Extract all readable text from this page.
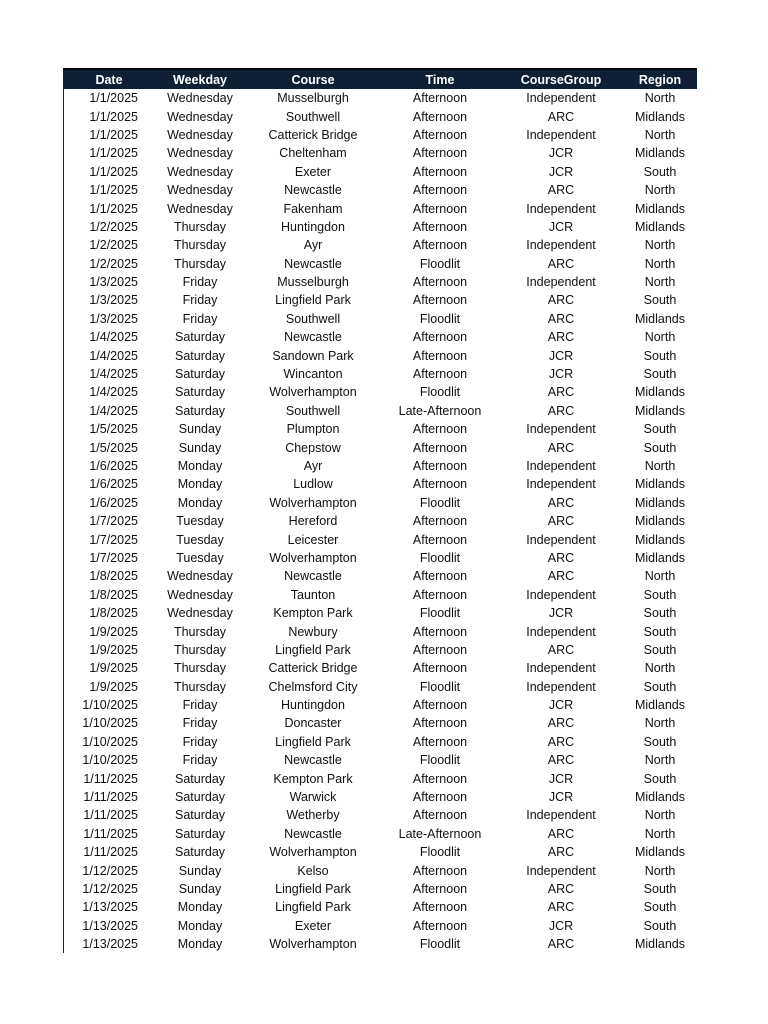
Date	Weekday	Course	Time	CourseGroup	Region
1/1/2025	Wednesday	Musselburgh	Afternoon	Independent	North
1/1/2025	Wednesday	Southwell	Afternoon	ARC	Midlands
1/1/2025	Wednesday	Catterick Bridge	Afternoon	Independent	North
1/1/2025	Wednesday	Cheltenham	Afternoon	JCR	Midlands
1/1/2025	Wednesday	Exeter	Afternoon	JCR	South
1/1/2025	Wednesday	Newcastle	Afternoon	ARC	North
1/1/2025	Wednesday	Fakenham	Afternoon	Independent	Midlands
1/2/2025	Thursday	Huntingdon	Afternoon	JCR	Midlands
1/2/2025	Thursday	Ayr	Afternoon	Independent	North
1/2/2025	Thursday	Newcastle	Floodlit	ARC	North
1/3/2025	Friday	Musselburgh	Afternoon	Independent	North
1/3/2025	Friday	Lingfield Park	Afternoon	ARC	South
1/3/2025	Friday	Southwell	Floodlit	ARC	Midlands
1/4/2025	Saturday	Newcastle	Afternoon	ARC	North
1/4/2025	Saturday	Sandown Park	Afternoon	JCR	South
1/4/2025	Saturday	Wincanton	Afternoon	JCR	South
1/4/2025	Saturday	Wolverhampton	Floodlit	ARC	Midlands
1/4/2025	Saturday	Southwell	Late-Afternoon	ARC	Midlands
1/5/2025	Sunday	Plumpton	Afternoon	Independent	South
1/5/2025	Sunday	Chepstow	Afternoon	ARC	South
1/6/2025	Monday	Ayr	Afternoon	Independent	North
1/6/2025	Monday	Ludlow	Afternoon	Independent	Midlands
1/6/2025	Monday	Wolverhampton	Floodlit	ARC	Midlands
1/7/2025	Tuesday	Hereford	Afternoon	ARC	Midlands
1/7/2025	Tuesday	Leicester	Afternoon	Independent	Midlands
1/7/2025	Tuesday	Wolverhampton	Floodlit	ARC	Midlands
1/8/2025	Wednesday	Newcastle	Afternoon	ARC	North
1/8/2025	Wednesday	Taunton	Afternoon	Independent	South
1/8/2025	Wednesday	Kempton Park	Floodlit	JCR	South
1/9/2025	Thursday	Newbury	Afternoon	Independent	South
1/9/2025	Thursday	Lingfield Park	Afternoon	ARC	South
1/9/2025	Thursday	Catterick Bridge	Afternoon	Independent	North
1/9/2025	Thursday	Chelmsford City	Floodlit	Independent	South
1/10/2025	Friday	Huntingdon	Afternoon	JCR	Midlands
1/10/2025	Friday	Doncaster	Afternoon	ARC	North
1/10/2025	Friday	Lingfield Park	Afternoon	ARC	South
1/10/2025	Friday	Newcastle	Floodlit	ARC	North
1/11/2025	Saturday	Kempton Park	Afternoon	JCR	South
1/11/2025	Saturday	Warwick	Afternoon	JCR	Midlands
1/11/2025	Saturday	Wetherby	Afternoon	Independent	North
1/11/2025	Saturday	Newcastle	Late-Afternoon	ARC	North
1/11/2025	Saturday	Wolverhampton	Floodlit	ARC	Midlands
1/12/2025	Sunday	Kelso	Afternoon	Independent	North
1/12/2025	Sunday	Lingfield Park	Afternoon	ARC	South
1/13/2025	Monday	Lingfield Park	Afternoon	ARC	South
1/13/2025	Monday	Exeter	Afternoon	JCR	South
1/13/2025	Monday	Wolverhampton	Floodlit	ARC	Midlands
